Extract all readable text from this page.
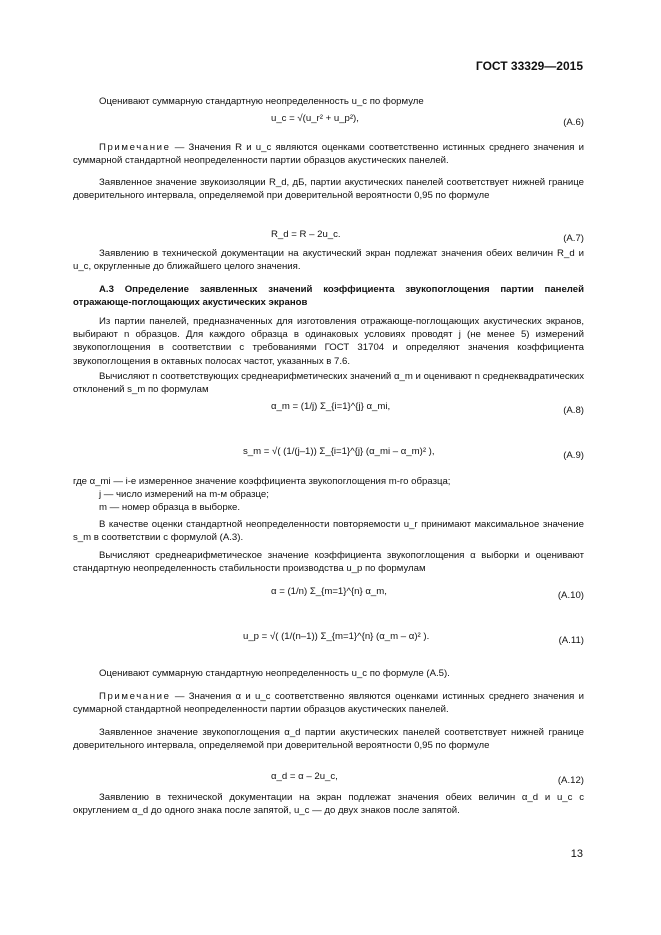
ГОСТ 33329—2015
Оценивают суммарную стандартную неопределенность u_c по формуле
u_c = √(u_r² + u_p²),	(А.6)
Примечание — Значения R и u_c являются оценками соответственно истинных среднего значения и суммарной стандартной неопределенности партии образцов акустических панелей.
Заявленное значение звукоизоляции R_d, дБ, партии акустических панелей соответствует нижней границе доверительного интервала, определяемой при доверительной вероятности 0,95 по формуле
R_d = R – 2u_c.	(А.7)
Заявлению в технической документации на акустический экран подлежат значения обеих величин R_d и u_c, округленные до ближайшего целого значения.
А.3 Определение заявленных значений коэффициента звукопоглощения партии панелей отражающе-поглощающих акустических экранов
Из партии панелей, предназначенных для изготовления отражающе-поглощающих акустических экранов, выбирают n образцов. Для каждого образца в одинаковых условиях проводят j (не менее 5) измерений звукопоглощения в соответствии с требованиями ГОСТ 31704 и определяют значения коэффициента звукопоглощения в октавных полосах частот, указанных в 7.6.
Вычисляют n соответствующих среднеарифметических значений α_m и оценивают n среднеквадратических отклонений s_m по формулам
α_m = (1/j) Σ_{i=1}^{j} α_mi,	(А.8)
s_m = √( (1/(j–1)) Σ_{i=1}^{j} (α_mi – α_m)² ),	(А.9)
где α_mi — i-е измеренное значение коэффициента звукопоглощения m-го образца;
j — число измерений на m-м образце;
m — номер образца в выборке.
В качестве оценки стандартной неопределенности повторяемости u_r принимают максимальное значение s_m в соответствии с формулой (А.3).
Вычисляют среднеарифметическое значение коэффициента звукопоглощения α выборки и оценивают стандартную неопределенность стабильности производства u_p по формулам
α = (1/n) Σ_{m=1}^{n} α_m,	(А.10)
u_p = √( (1/(n–1)) Σ_{m=1}^{n} (α_m – α)² ).	(А.11)
Оценивают суммарную стандартную неопределенность u_c по формуле (А.5).
Примечание — Значения α и u_c соответственно являются оценками истинных среднего значения и суммарной стандартной неопределенности партии образцов акустических панелей.
Заявленное значение звукопоглощения α_d партии акустических панелей соответствует нижней границе доверительного интервала, определяемой при доверительной вероятности 0,95 по формуле
α_d = α – 2u_c,	(А.12)
Заявлению в технической документации на экран подлежат значения обеих величин α_d и u_c с округлением α_d до одного знака после запятой, u_c — до двух знаков после запятой.
13
